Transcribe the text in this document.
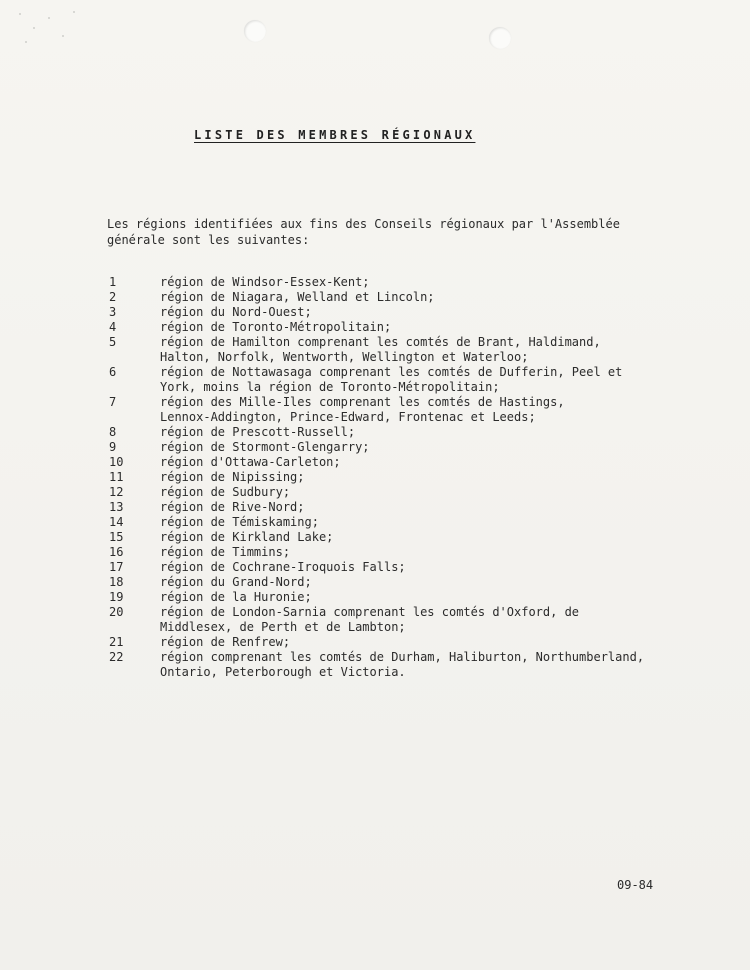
LISTE DES MEMBRES RÉGIONAUX
Les régions identifiées aux fins des Conseils régionaux par l'Assemblée
générale sont les suivantes:
1	région de Windsor-Essex-Kent;
2	région de Niagara, Welland et Lincoln;
3	région du Nord-Ouest;
4	région de Toronto-Métropolitain;
5	région de Hamilton comprenant les comtés de Brant, Haldimand,
Halton, Norfolk, Wentworth, Wellington et Waterloo;
6	région de Nottawasaga comprenant les comtés de Dufferin, Peel et
York, moins la région de Toronto-Métropolitain;
7	région des Mille-Iles comprenant les comtés de Hastings,
Lennox-Addington, Prince-Edward, Frontenac et Leeds;
8	région de Prescott-Russell;
9	région de Stormont-Glengarry;
10	région d'Ottawa-Carleton;
11	région de Nipissing;
12	région de Sudbury;
13	région de Rive-Nord;
14	région de Témiskaming;
15	région de Kirkland Lake;
16	région de Timmins;
17	région de Cochrane-Iroquois Falls;
18	région du Grand-Nord;
19	région de la Huronie;
20	région de London-Sarnia comprenant les comtés d'Oxford, de
Middlesex, de Perth et de Lambton;
21	région de Renfrew;
22	région comprenant les comtés de Durham, Haliburton, Northumberland,
Ontario, Peterborough et Victoria.
09-84
